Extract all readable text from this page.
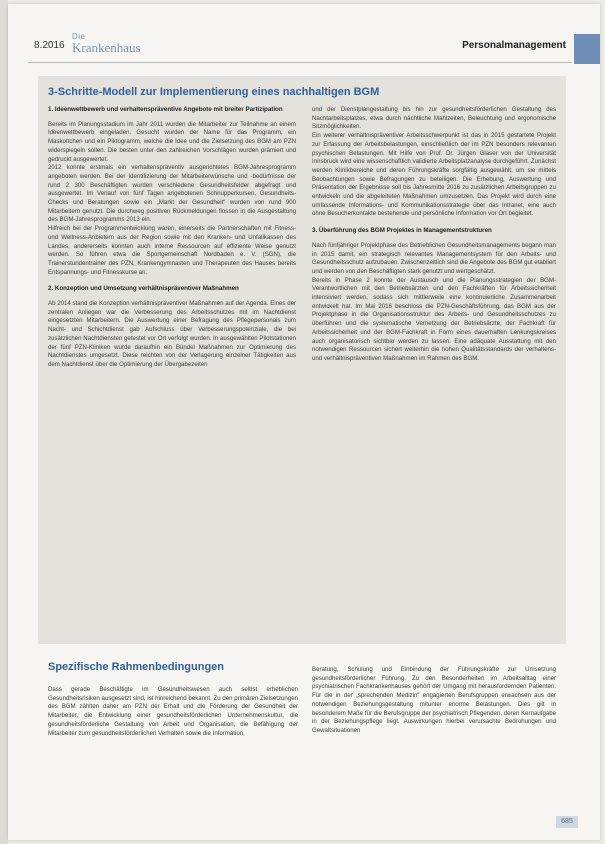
8.2016
Die
Krankenhaus	Personalmanagement
3-Schritte-Modell zur Implementierung eines nachhaltigen BGM
1. Ideenwettbewerb und verhaltenspräventive Angebote mit breiter Partizipation

Bereits im Planungsstadium im Jahr 2011 wurden die Mitarbeiter zur Teilnahme an einem Ideenwettbewerb eingeladen. Gesucht wurden der Name für das Programm, ein Maskottchen und ein Piktogramm, welche die Idee und die Zielsetzung des BGM am PZN widerspiegeln sollen. Die besten unter den zahlreichen Vorschlägen wurden prämiert und gedruckt ausgewertet.

2012 konnte erstmals ein verhaltenspräventiv ausgerichtetes BGM-Jahresprogramm angeboten werden. Bei der Identifizierung der Mitarbeiterwünsche und -bedürfnisse der rund 2 300 Beschäftigten wurden verschiedene Gesundheitsfelder abgefragt und ausgewertet. Im Verlauf von fünf Tagen angebotenen Schnupperkursen, Gesundheits-Checks und Beratungen sowie ein „Markt der Gesundheit“ wurden von rund 900 Mitarbeitern genutzt. Die durchweg positiven Rückmeldungen flossen in die Ausgestaltung des BGM-Jahresprogramms 2013 ein.

Hilfreich bei der Programmentwicklung waren, einerseits die Partnerschaften mit Fitness- und Wellness-Anbietern aus der Region sowie mit den Kranken- und Unfallkassen des Landes, andererseits konnten auch interne Ressourcen auf effiziente Weise genutzt werden. So führen etwa die Sportgemeinschaft Nordbaden e. V. (SGN), die Trainerstundentrainer des PZN, Krankengymnasten und Therapeuten des Hauses bereits Entspannungs- und Fitnesskurse an.

2. Konzeption und Umsetzung verhältnispräventiver Maßnahmen

Ab 2014 stand die Konzeption verhältnispräventiver Maßnahmen auf der Agenda. Eines der zentralen Anliegen war die Verbesserung des Arbeitsschutzes mit im Nachtdienst eingesetzten Mitarbeitern. Die Auswertung einer Befragung des Pflegepersonals zum Nacht- und Schichtdienst gab Aufschluss über Verbesserungspotenziale, die bei zusätzlichen Nachtdiensten getestet vor Ort verfolgt wurden. In ausgewählten Pilotstationen der fünf PZN-Kliniken wurde daraufhin ein Bündel Maßnahmen zur Optimierung des Nachtdienstes umgesetzt. Diese reichten von der Verlagerung einzelner Tätigkeiten aus dem Nachtdienst über die Optimierung der Übergabezeiten

und der Dienstplangestaltung bis hin zur gesundheitsförderlichen Gestaltung des Nachtarbeitsplatzes, etwa durch nächtliche Mahlzeiten, Beleuchtung und ergonomische Sitzmöglichkeiten.

Ein weiterer verhältnispräventiver Arbeitsschwerpunkt ist das in 2015 gestartete Projekt zur Erfassung der Arbeitsbelastungen, einschließlich der im PZN besonders relevanten psychischen Belastungen. Mit Hilfe von Prof. Dr. Jürgen Glaser von der Universität Innsbruck wird eine wissenschaftlich validierte Arbeitsplatzanalyse durchgeführt. Zunächst werden Klinikbereiche und deren Führungskräfte sorgfältig ausgewählt, um sie mittels Beobachtungen sowie Befragungen zu beteiligen. Die Erhebung, Auswertung und Präsentation der Ergebnisse soll bis Jahresmitte 2016 zu zusätzlichen Arbeitsgruppen zu entwickeln und die abgeleiteten Maßnahmen umzusetzen. Das Projekt wird durch eine umfassende Informations- und Kommunikationsstrategie über das Intranet, eine auch ohne Besucherkontakte bestehende und persönliche Information vor Ort begleitet.

3. Überführung des BGM Projektes in Managementstrukturen

Nach fünfjähriger Projektphase des Betrieblichen Gesundheitsmanagements begann man in 2015 damit, ein strategisch relevantes Managementsystem für den Arbeits- und Gesundheitsschutz aufzubauen. Zwischenzeitlich sind die Angebote des BGM gut etabliert und werden von den Beschäftigten stark genutzt und wertgeschätzt.

Bereits in Phase 2 konnte der Austausch und die Planungsstrategien der BGM-Verantwortlichen mit den Betriebsärzten und den Fachkräften für Arbeitssicherheit intensiviert werden, sodass sich mittlerweile eine kontinuierliche Zusammenarbeit entwickelt hat. Im Mai 2016 beschloss die PZN-Geschäftsführung, das BGM aus der Projektphase in die Organisationsstruktur des Arbeits- und Gesundheitsschutzes zu überführen und die systematische Vernetzung der Betriebsärzte, der Fachkraft für Arbeitssicherheit und der BGM-Fachkraft in Form eines dauerhaften Lenkungskreises auch organisatorisch sichtbar werden zu lassen. Eine adäquate Ausstattung mit den notwendigen Ressourcen sichert weiterhin die hohen Qualitätsstandards der verhaltens- und verhältnispräventiven Maßnahmen im Rahmen des BGM.

Spezifische Rahmenbedingungen

Dass gerade Beschäftigte im Gesundheitswesen auch selbst erheblichen Gesundheitsrisiken ausgesetzt sind, ist hinreichend bekannt. Zu den primären Zielsetzungen des BGM zählten daher am PZN der Erhalt und die Förderung der Gesundheit der Mitarbeiter, die Entwicklung einer gesundheitsförderlichen Unternehmenskultur, die gesundheitsförderliche Gestaltung von Arbeit und Organisation, die Befähigung der Mitarbeiter zum gesundheitsförderlichen Verhalten sowie die Information,

Beratung, Schulung und Einbindung der Führungskräfte zur Umsetzung gesundheitsförderlicher Führung. Zu den Besonderheiten im Arbeitsalltag einer psychiatrischen Fachkrankenhauses gehört der Umgang mit herausfordernden Patienten. Für die in der „sprechenden Medizin“ engagierten Berufsgruppen erwachsen aus der notwendigen Beziehungsgestaltung mitunter enorme Belastungen. Dies gilt in besonderem Maße für die Berufsgruppe der psychiatrisch Pflegenden, deren Kernaufgabe in der Beziehungspflege liegt. Auswirkungen hierbei verursachte Bedrohungen und Gewaltsituationen

685
